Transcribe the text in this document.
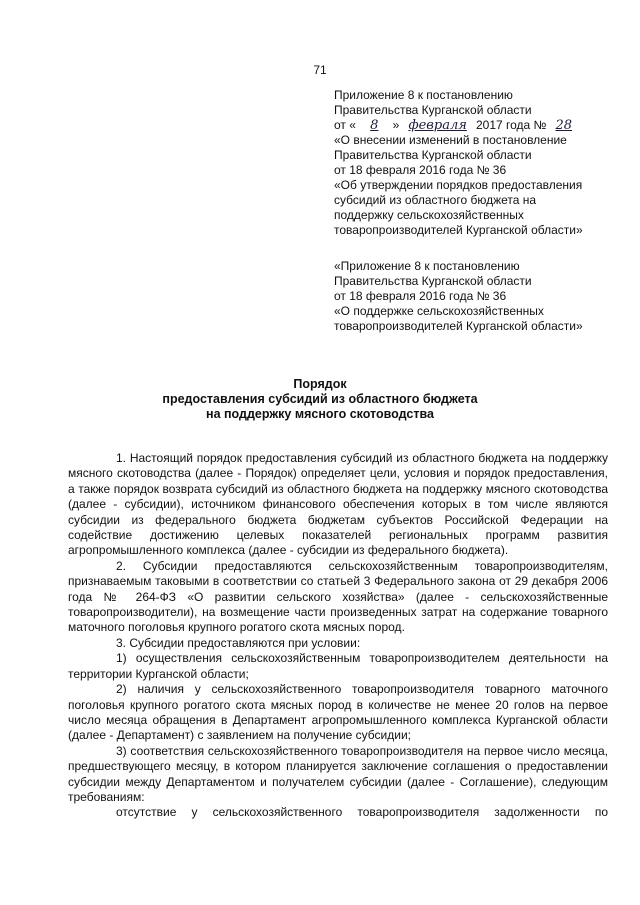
71
Приложение 8 к постановлению
Правительства Курганской области
от « 8 » февраля 2017 года № 28
«О внесении изменений в постановление
Правительства Курганской области
от 18 февраля 2016 года № 36
«Об утверждении порядков предоставления
субсидий из областного бюджета на
поддержку сельскохозяйственных
товаропроизводителей Курганской области»
«Приложение 8 к постановлению
Правительства Курганской области
от 18 февраля 2016 года № 36
«О поддержке сельскохозяйственных
товаропроизводителей Курганской области»
Порядок
предоставления субсидий из областного бюджета
на поддержку мясного скотоводства

1. Настоящий порядок предоставления субсидий из областного бюджета на поддержку мясного скотоводства (далее - Порядок) определяет цели, условия и порядок предоставления, а также порядок возврата субсидий из областного бюджета на поддержку мясного скотоводства (далее - субсидии), источником финансового обеспечения которых в том числе являются субсидии из федерального бюджета бюджетам субъектов Российской Федерации на содействие достижению целевых показателей региональных программ развития агропромышленного комплекса (далее - субсидии из федерального бюджета).

2. Субсидии предоставляются сельскохозяйственным товаропроизводителям, признаваемым таковыми в соответствии со статьей 3 Федерального закона от 29 декабря 2006 года № 264-ФЗ «О развитии сельского хозяйства» (далее - сельскохозяйственные товаропроизводители), на возмещение части произведенных затрат на содержание товарного маточного поголовья крупного рогатого скота мясных пород.

3. Субсидии предоставляются при условии:

1) осуществления сельскохозяйственным товаропроизводителем деятельности на территории Курганской области;

2) наличия у сельскохозяйственного товаропроизводителя товарного маточного поголовья крупного рогатого скота мясных пород в количестве не менее 20 голов на первое число месяца обращения в Департамент агропромышленного комплекса Курганской области (далее - Департамент) с заявлением на получение субсидии;

3) соответствия сельскохозяйственного товаропроизводителя на первое число месяца, предшествующего месяцу, в котором планируется заключение соглашения о предоставлении субсидии между Департаментом и получателем субсидии (далее - Соглашение), следующим требованиям:

отсутствие у сельскохозяйственного товаропроизводителя задолженности по
